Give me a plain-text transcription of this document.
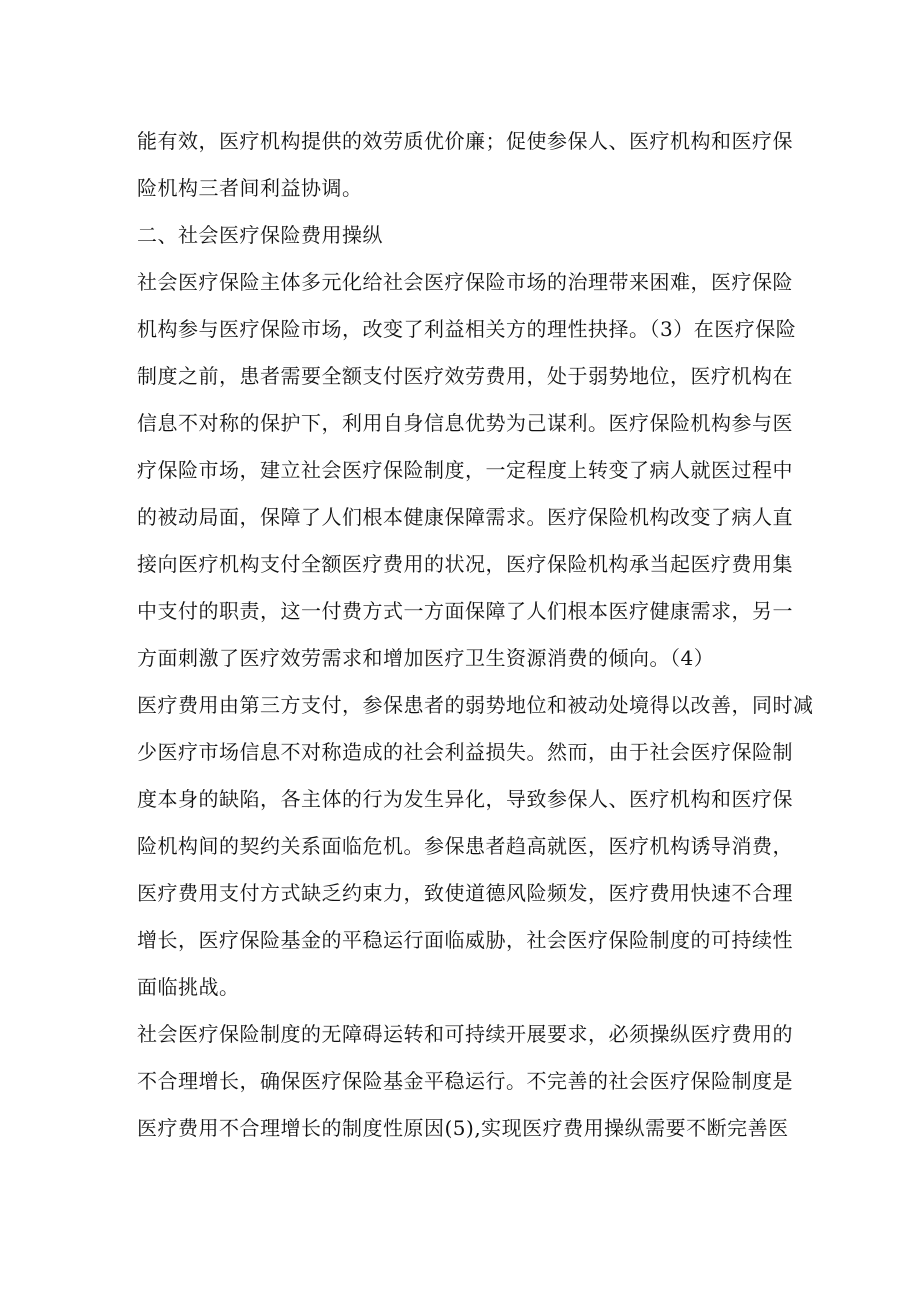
能有效，医疗机构提供的效劳质优价廉；促使参保人、医疗机构和医疗保
险机构三者间利益协调。
二、社会医疗保险费用操纵
社会医疗保险主体多元化给社会医疗保险市场的治理带来困难，医疗保险
机构参与医疗保险市场，改变了利益相关方的理性抉择。（3）在医疗保险
制度之前，患者需要全额支付医疗效劳费用，处于弱势地位，医疗机构在
信息不对称的保护下，利用自身信息优势为己谋利。医疗保险机构参与医
疗保险市场，建立社会医疗保险制度，一定程度上转变了病人就医过程中
的被动局面，保障了人们根本健康保障需求。医疗保险机构改变了病人直
接向医疗机构支付全额医疗费用的状况，医疗保险机构承当起医疗费用集
中支付的职责，这一付费方式一方面保障了人们根本医疗健康需求，另一
方面刺激了医疗效劳需求和增加医疗卫生资源消费的倾向。（4）
医疗费用由第三方支付，参保患者的弱势地位和被动处境得以改善，同时减
少医疗市场信息不对称造成的社会利益损失。然而，由于社会医疗保险制
度本身的缺陷，各主体的行为发生异化，导致参保人、医疗机构和医疗保
险机构间的契约关系面临危机。参保患者趋高就医，医疗机构诱导消费，
医疗费用支付方式缺乏约束力，致使道德风险频发，医疗费用快速不合理
增长，医疗保险基金的平稳运行面临威胁，社会医疗保险制度的可持续性
面临挑战。
社会医疗保险制度的无障碍运转和可持续开展要求，必须操纵医疗费用的
不合理增长，确保医疗保险基金平稳运行。不完善的社会医疗保险制度是
医疗费用不合理增长的制度性原因(5),实现医疗费用操纵需要不断完善医
